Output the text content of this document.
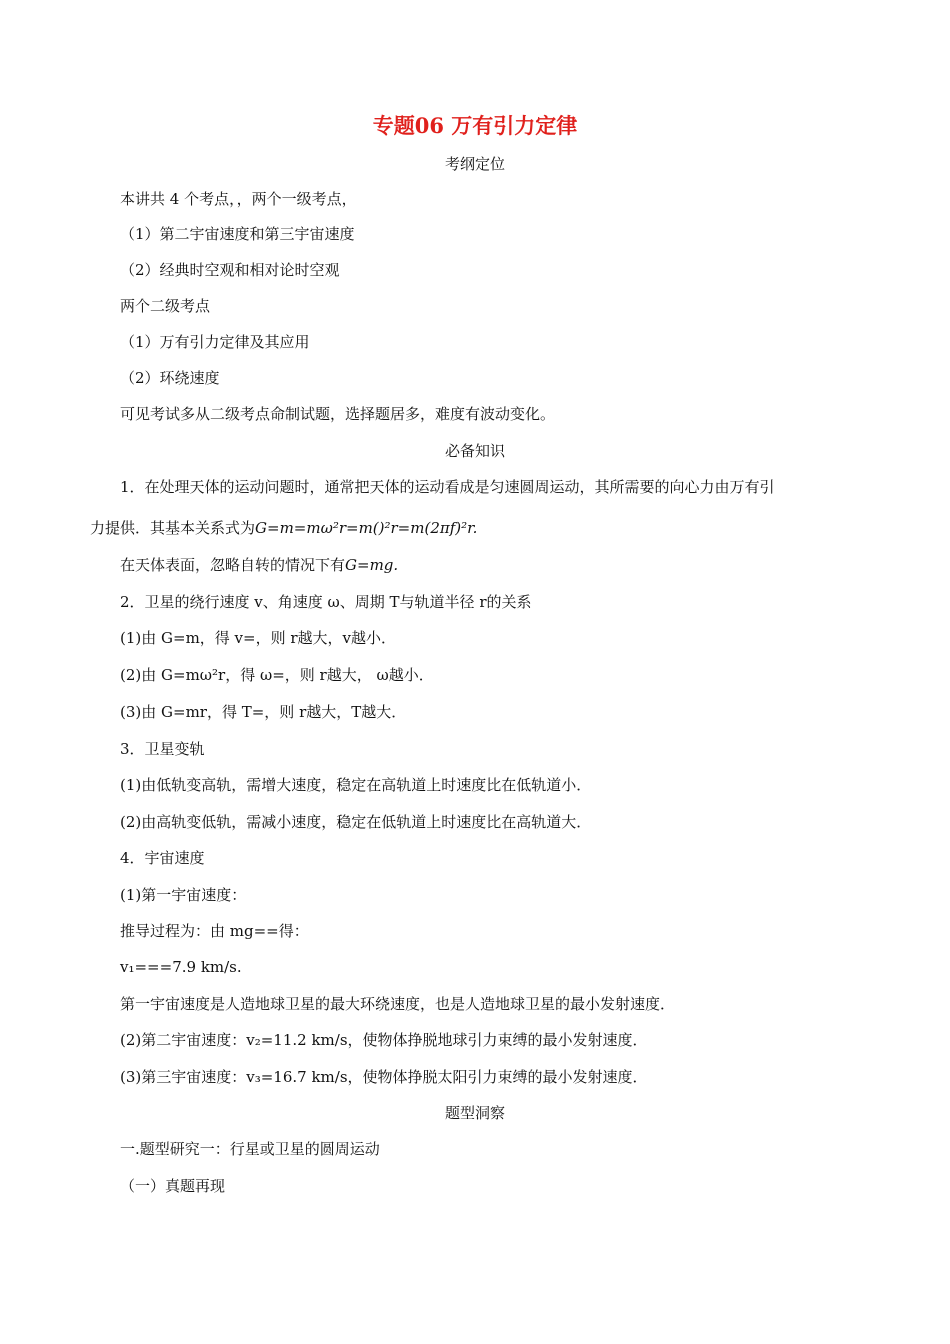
专题06 万有引力定律
考纲定位
本讲共 4 个考点，，两个一级考点，
（1）第二宇宙速度和第三宇宙速度
（2）经典时空观和相对论时空观
两个二级考点
（1）万有引力定律及其应用
（2）环绕速度
可见考试多从二级考点命制试题，选择题居多，难度有波动变化。
必备知识
1．在处理天体的运动问题时，通常把天体的运动看成是匀速圆周运动，其所需要的向心力由万有引
力提供．其基本关系式为G=m=mω²r=m()²r=m(2πf)²r.
在天体表面，忽略自转的情况下有G=mg.
2．卫星的绕行速度 v、角速度 ω、周期 T与轨道半径 r的关系
(1)由 G=m，得 v=，则 r越大，v越小．
(2)由 G=mω²r，得 ω=，则 r越大， ω越小．
(3)由 G=mr，得 T=，则 r越大，T越大．
3．卫星变轨
(1)由低轨变高轨，需增大速度，稳定在高轨道上时速度比在低轨道小．
(2)由高轨变低轨，需减小速度，稳定在低轨道上时速度比在高轨道大．
4．宇宙速度
(1)第一宇宙速度：
推导过程为：由 mg==得：
v₁===7.9 km/s.
第一宇宙速度是人造地球卫星的最大环绕速度，也是人造地球卫星的最小发射速度．
(2)第二宇宙速度：v₂=11.2 km/s，使物体挣脱地球引力束缚的最小发射速度．
(3)第三宇宙速度：v₃=16.7 km/s，使物体挣脱太阳引力束缚的最小发射速度．
题型洞察
一.题型研究一：行星或卫星的圆周运动
（一）真题再现
